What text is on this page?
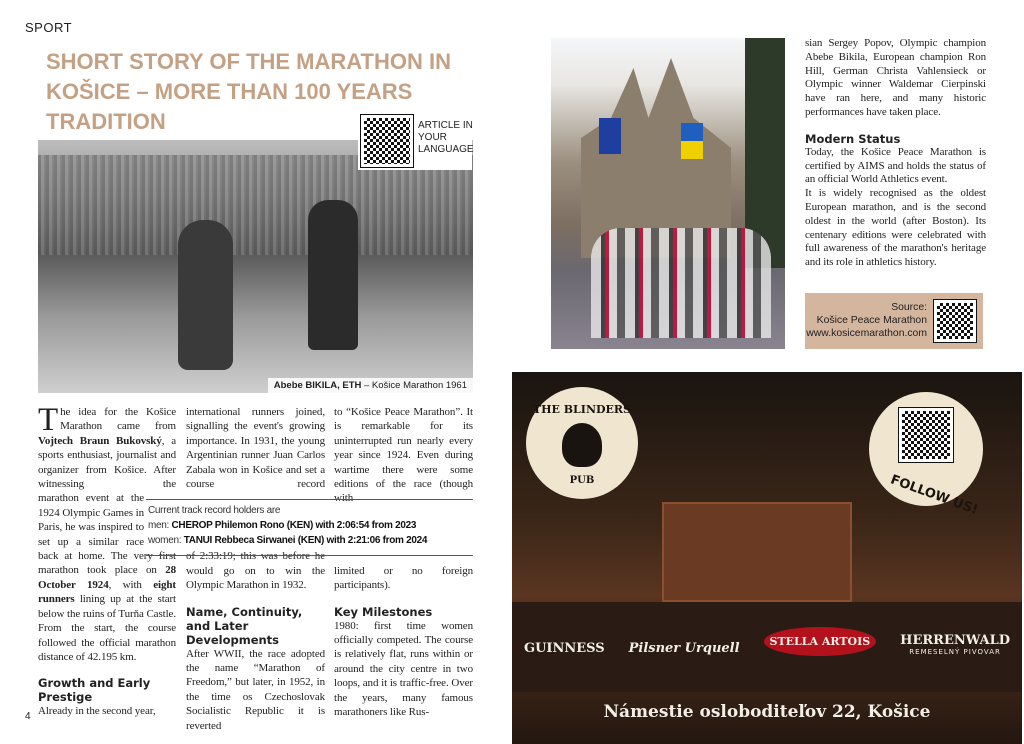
SPORT
SHORT STORY OF THE MARATHON IN KOŠICE – MORE THAN 100 YEARS TRADITION
Abebe BIKILA, ETH – Košice Marathon 1961
ARTICLE IN YOUR LANGUAGE

The idea for the Košice Marathon came from Vojtech Braun Bukovský, a sports enthusiast, journalist and organizer from Košice. After witnessing the

marathon event at the 1924 Olympic Games in Paris, he was inspired to set up a similar race

back at home. The very first marathon took place on 28 October 1924, with eight runners lining up at the start below the ruins of Turňa Castle. From the start, the course followed the official marathon distance of 42.195 km.

Growth and Early Prestige

Already in the second year,

international runners joined, signalling the event's growing importance. In 1931, the young Argentinian runner Juan Carlos Zabala won in Košice and set a course record

of 2:33:19; this was before he would go on to win the Olympic Marathon in 1932.

Name, Continuity, and Later Developments

After WWII, the race adopted the name “Marathon of Freedom,” but later, in 1952, in the time os Czechoslovak Socialistic Republic it is reverted

to “Košice Peace Marathon”. It is remarkable for its uninterrupted run nearly every year since 1924. Even during wartime there were some editions of the race (though with

limited or no foreign participants).

Key Milestones

1980: first time women officially competed. The course is relatively flat, runs within or around the city centre in two loops, and it is traffic-free. Over the years, many famous marathoners like Rus-

Current track record holders are
men: CHEROP Philemon Rono (KEN) with 2:06:54 from 2023
women: TANUI Rebbeca Sirwanei (KEN) with 2:21:06 from 2024

sian Sergey Popov, Olympic champion Abebe Bikila, European champion Ron Hill, German Christa Vahlensieck or Olympic winner Waldemar Cierpinski have ran here, and many historic performances have taken place.

Modern Status

Today, the Košice Peace Marathon is certified by AIMS and holds the status of an official World Athletics event.

It is widely recognised as the oldest European marathon, and is the second oldest in the world (after Boston). Its centenary editions were celebrated with full awareness of the marathon's heritage and its role in athletics history.

Source:
Košice Peace Marathon
www.kosicemarathon.com
THE BLINDERS
PUB	FOLLOW US!
GUINNESS Pilsner Urquell	STELLA ARTOIS	HERRENWALD
REMESELNÝ PIVOVAR
Námestie osloboditeľov 22, Košice
4
